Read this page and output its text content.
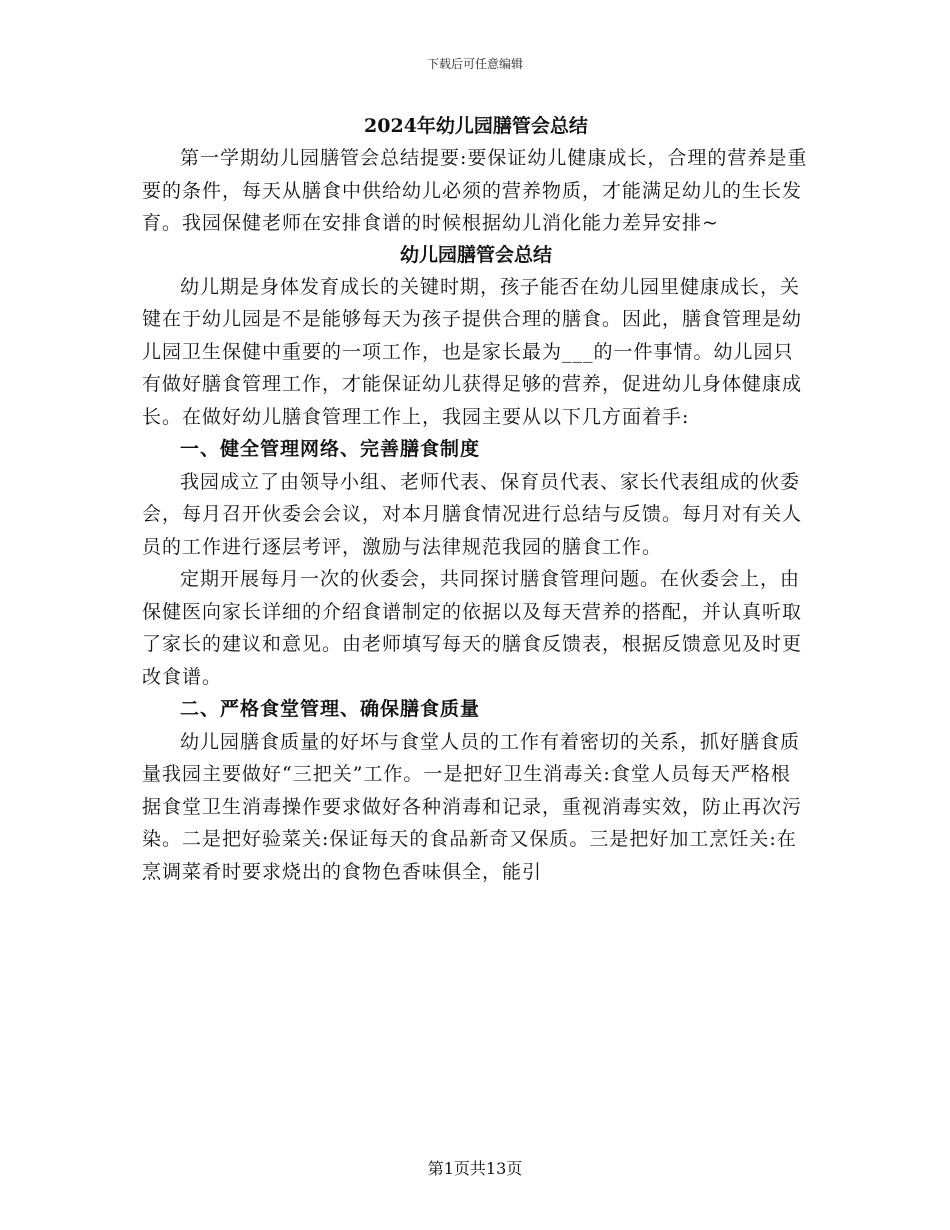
下载后可任意编辑
2024年幼儿园膳管会总结

第一学期幼儿园膳管会总结提要:要保证幼儿健康成长，合理的营养是重要的条件，每天从膳食中供给幼儿必须的营养物质，才能满足幼儿的生长发育。我园保健老师在安排食谱的时候根据幼儿消化能力差异安排~

幼儿园膳管会总结

幼儿期是身体发育成长的关键时期，孩子能否在幼儿园里健康成长，关键在于幼儿园是不是能够每天为孩子提供合理的膳食。因此，膳食管理是幼儿园卫生保健中重要的一项工作，也是家长最为___的一件事情。幼儿园只有做好膳食管理工作，才能保证幼儿获得足够的营养，促进幼儿身体健康成长。在做好幼儿膳食管理工作上，我园主要从以下几方面着手:

一、健全管理网络、完善膳食制度

我园成立了由领导小组、老师代表、保育员代表、家长代表组成的伙委会，每月召开伙委会会议，对本月膳食情况进行总结与反馈。每月对有关人员的工作进行逐层考评，激励与法律规范我园的膳食工作。

定期开展每月一次的伙委会，共同探讨膳食管理问题。在伙委会上，由保健医向家长详细的介绍食谱制定的依据以及每天营养的搭配，并认真听取了家长的建议和意见。由老师填写每天的膳食反馈表，根据反馈意见及时更改食谱。

二、严格食堂管理、确保膳食质量

幼儿园膳食质量的好坏与食堂人员的工作有着密切的关系，抓好膳食质量我园主要做好“三把关”工作。一是把好卫生消毒关:食堂人员每天严格根据食堂卫生消毒操作要求做好各种消毒和记录，重视消毒实效，防止再次污染。二是把好验菜关:保证每天的食品新奇又保质。三是把好加工烹饪关:在烹调菜肴时要求烧出的食物色香味俱全，能引

第1页共13页
